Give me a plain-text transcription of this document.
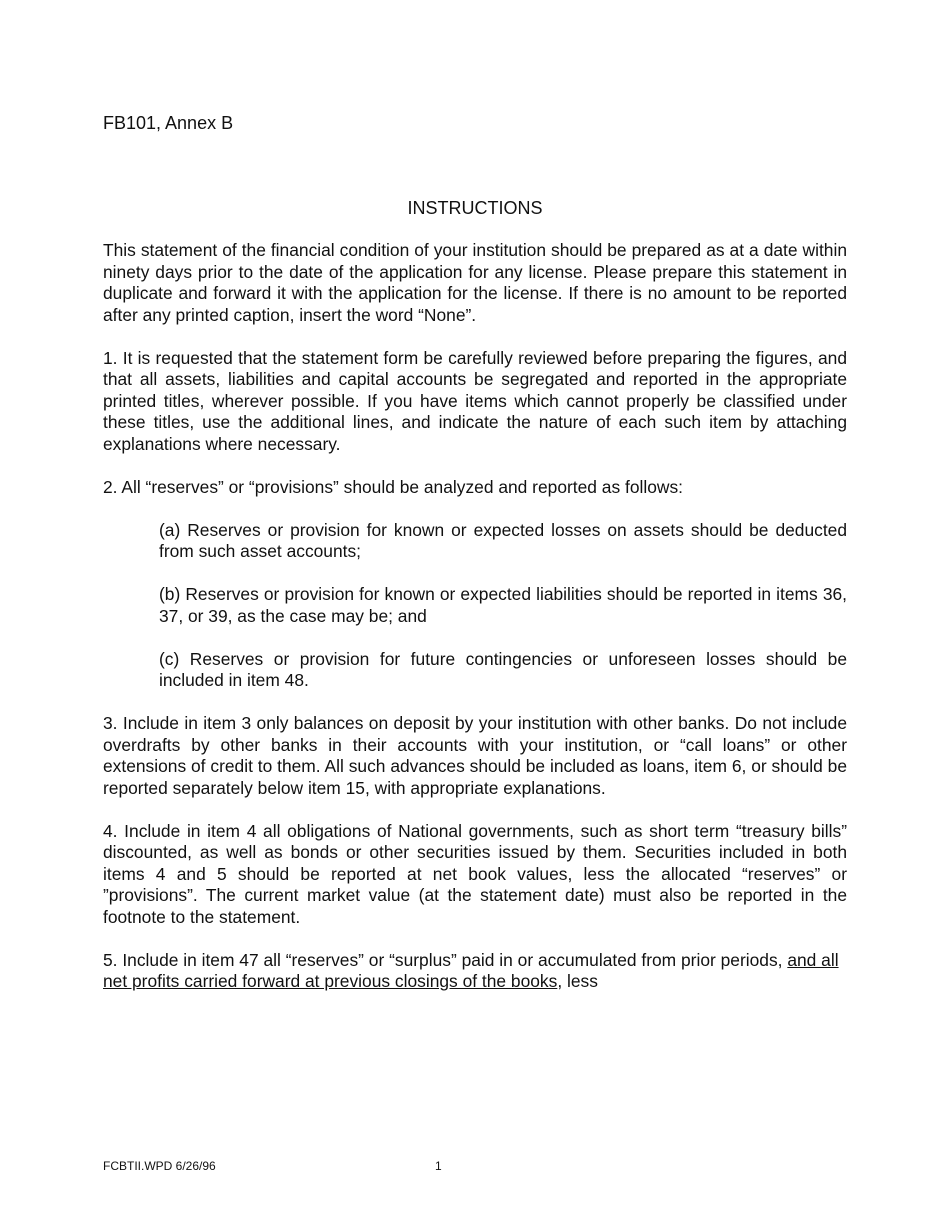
FB101, Annex B
INSTRUCTIONS

This statement of the financial condition of your institution should be prepared as at a date within ninety days prior to the date of the application for any license. Please prepare this statement in duplicate and forward it with the application for the license. If there is no amount to be reported after any printed caption, insert the word “None”.

1. It is requested that the statement form be carefully reviewed before preparing the figures, and that all assets, liabilities and capital accounts be segregated and reported in the appropriate printed titles, wherever possible. If you have items which cannot properly be classified under these titles, use the additional lines, and indicate the nature of each such item by attaching explanations where necessary.

2. All “reserves” or “provisions” should be analyzed and reported as follows:

(a) Reserves or provision for known or expected losses on assets should be deducted from such asset accounts;

(b) Reserves or provision for known or expected liabilities should be reported in items 36, 37, or 39, as the case may be; and

(c) Reserves or provision for future contingencies or unforeseen losses should be included in item 48.

3. Include in item 3 only balances on deposit by your institution with other banks. Do not include overdrafts by other banks in their accounts with your institution, or “call loans” or other extensions of credit to them. All such advances should be included as loans, item 6, or should be reported separately below item 15, with appropriate explanations.

4. Include in item 4 all obligations of National governments, such as short term “treasury bills” discounted, as well as bonds or other securities issued by them. Securities included in both items 4 and 5 should be reported at net book values, less the allocated “reserves” or ”provisions”. The current market value (at the statement date) must also be reported in the footnote to the statement.

5. Include in item 47 all “reserves” or “surplus” paid in or accumulated from prior periods, and all net profits carried forward at previous closings of the books, less

FCBTII.WPD 6/26/96	1
